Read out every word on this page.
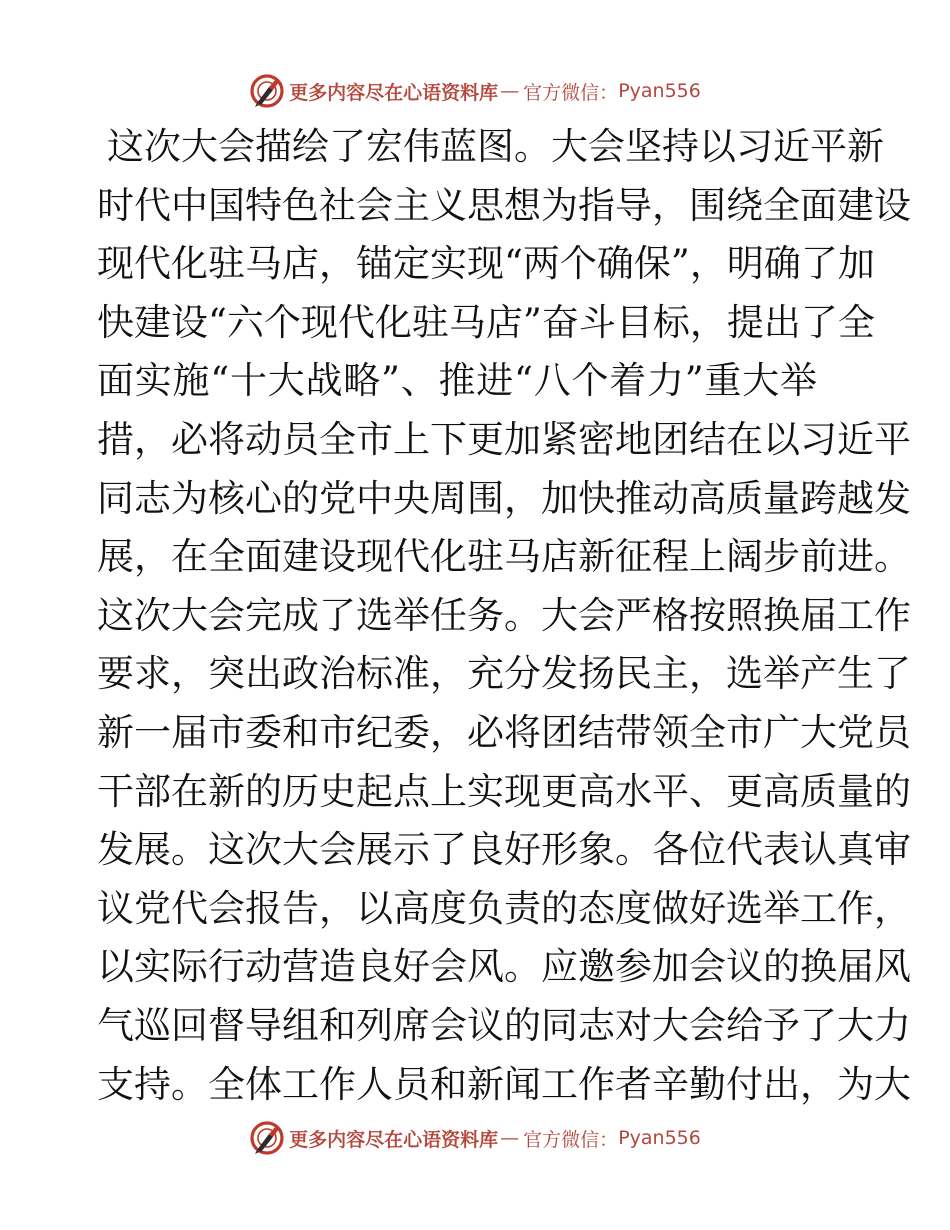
更多内容尽在心语资料库 — 官方微信： Pyan556
这次大会描绘了宏伟蓝图。大会坚持以习近平新
时代中国特色社会主义思想为指导，围绕全面建设
现代化驻马店，锚定实现“两个确保”，明确了加
快建设“六个现代化驻马店”奋斗目标，提出了全
面实施“十大战略”、推进“八个着力”重大举
措，必将动员全市上下更加紧密地团结在以习近平
同志为核心的党中央周围，加快推动高质量跨越发
展，在全面建设现代化驻马店新征程上阔步前进。
这次大会完成了选举任务。大会严格按照换届工作
要求，突出政治标准，充分发扬民主，选举产生了
新一届市委和市纪委，必将团结带领全市广大党员
干部在新的历史起点上实现更高水平、更高质量的
发展。这次大会展示了良好形象。各位代表认真审
议党代会报告，以高度负责的态度做好选举工作，
以实际行动营造良好会风。应邀参加会议的换届风
气巡回督导组和列席会议的同志对大会给予了大力
支持。全体工作人员和新闻工作者辛勤付出，为大
更多内容尽在心语资料库 — 官方微信： Pyan556
